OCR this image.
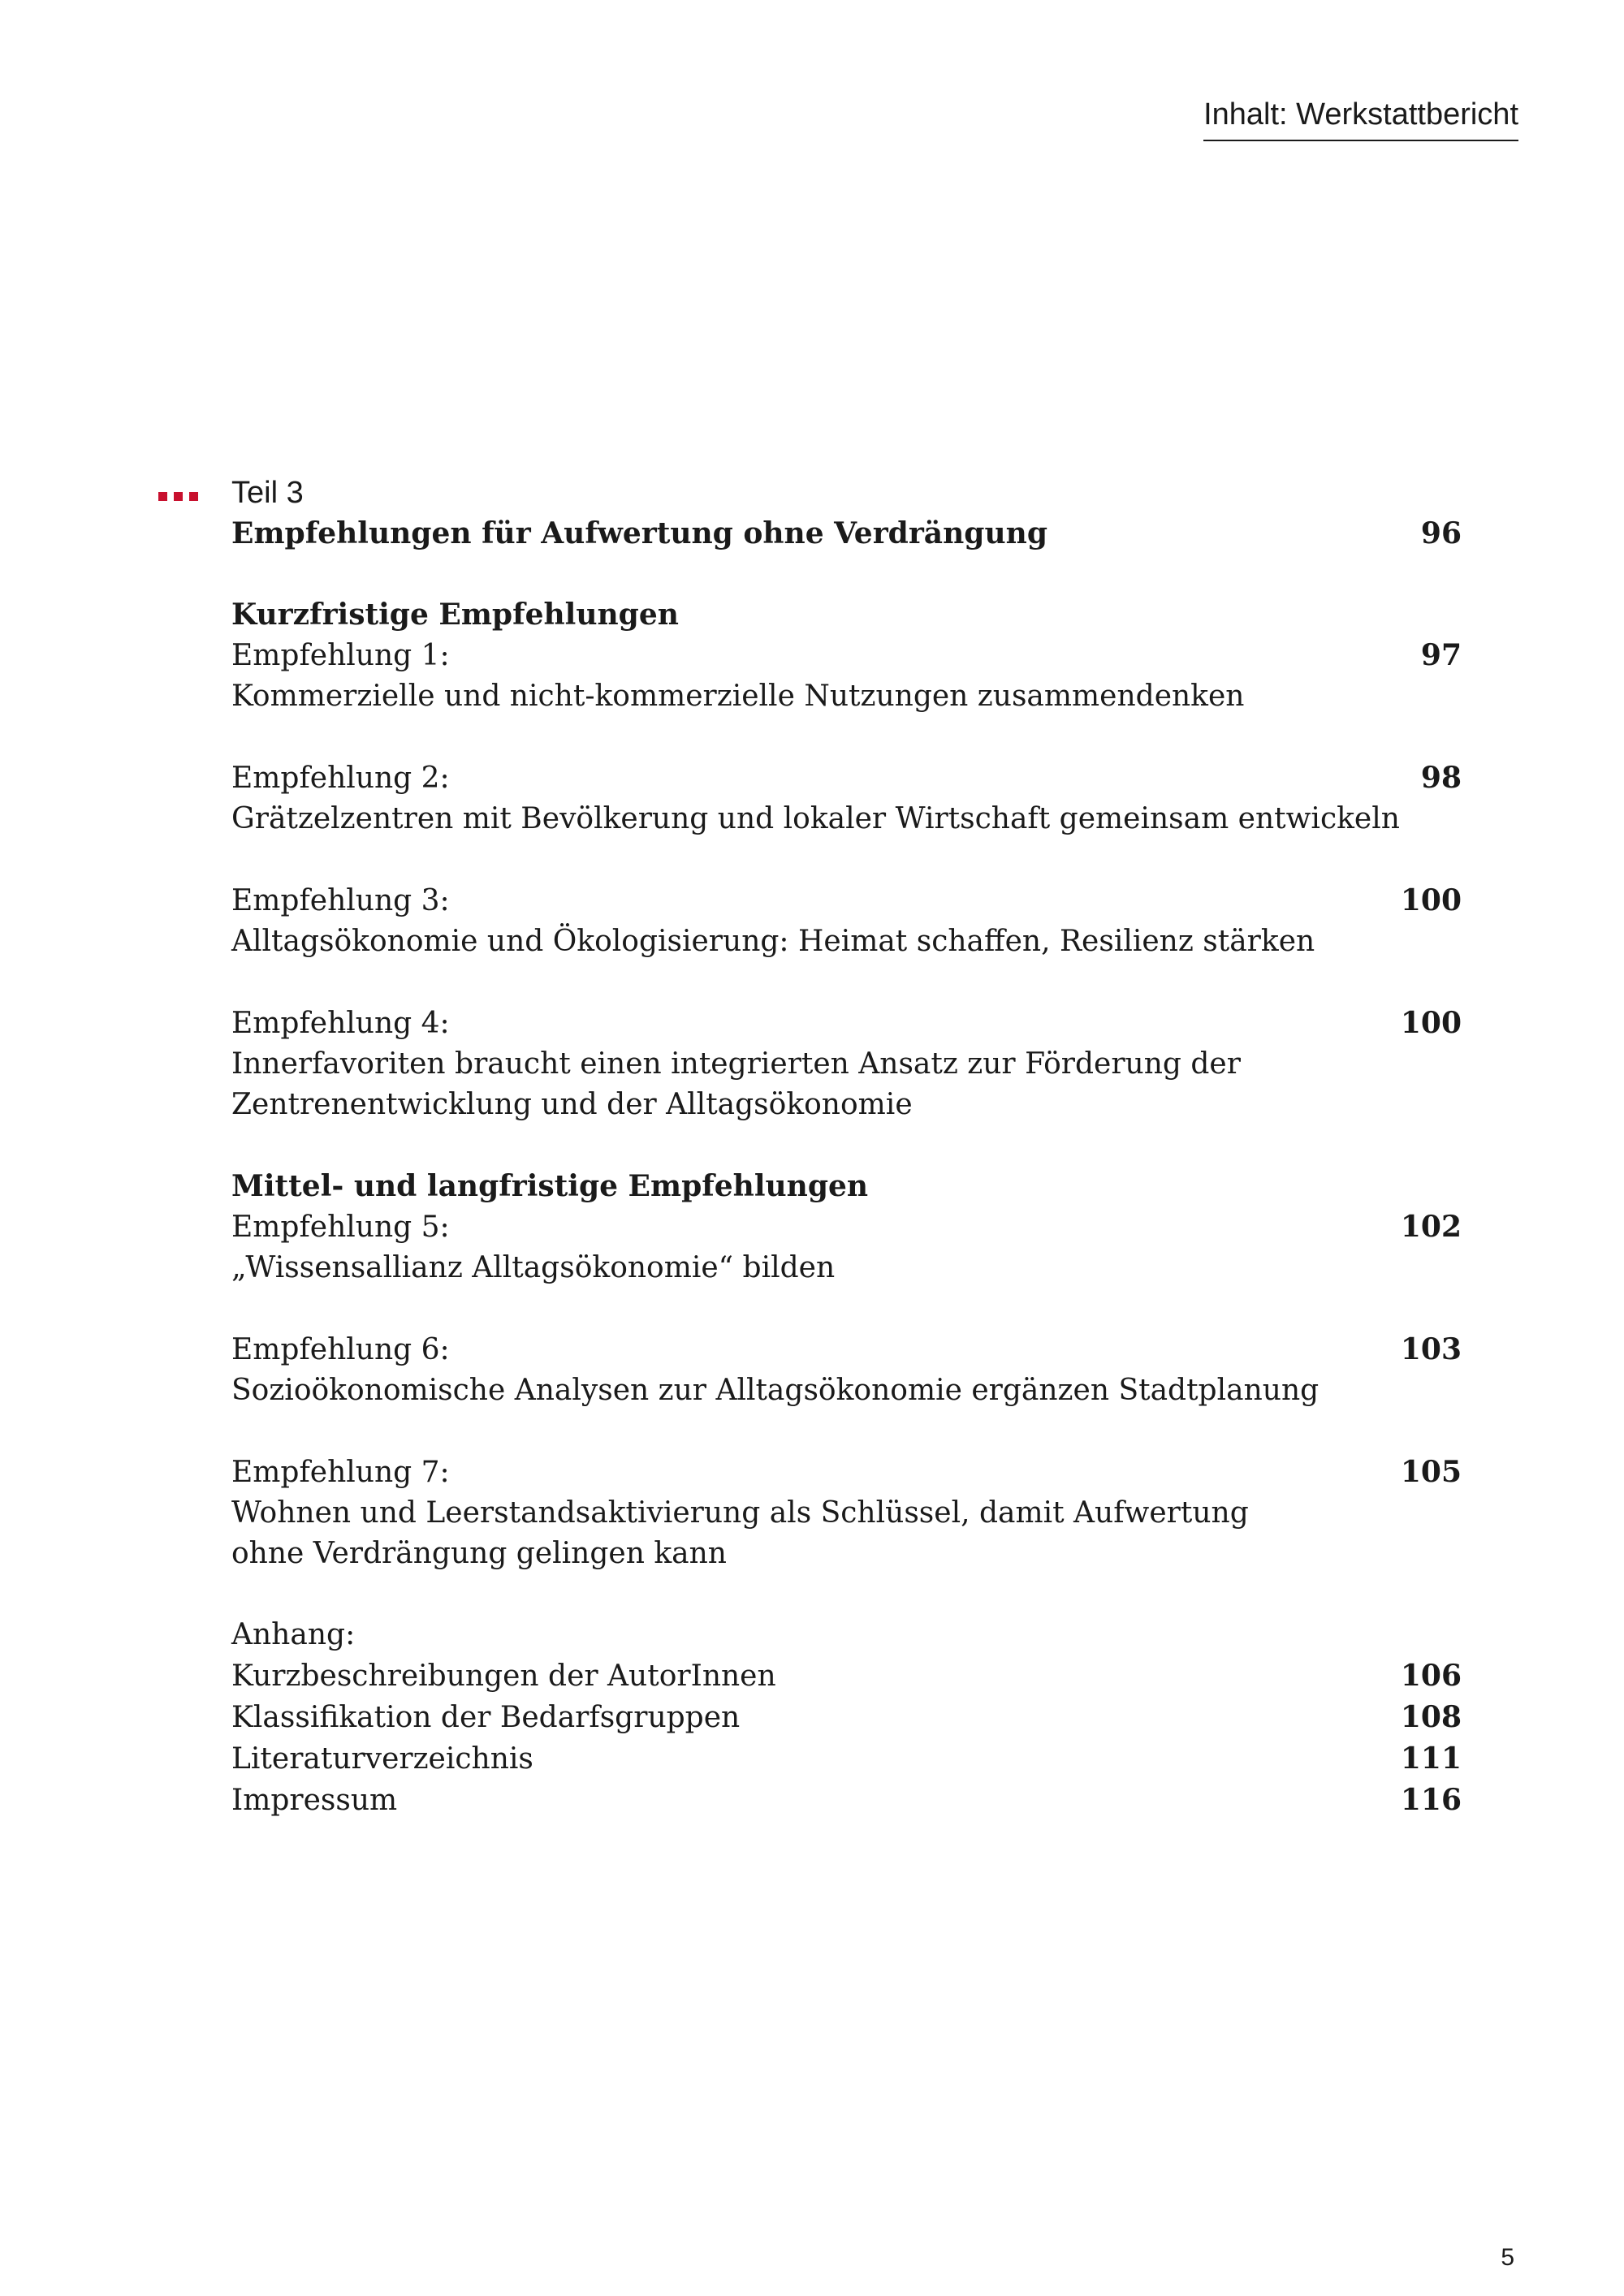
Inhalt: Werkstattbericht
Teil 3
Empfehlungen für Aufwertung ohne Verdrängung	96
Kurzfristige Empfehlungen
Empfehlung 1:	97
Kommerzielle und nicht-kommerzielle Nutzungen zusammendenken
Empfehlung 2:	98
Grätzelzentren mit Bevölkerung und lokaler Wirtschaft gemeinsam entwickeln
Empfehlung 3:	100
Alltagsökonomie und Ökologisierung: Heimat schaffen, Resilienz stärken
Empfehlung 4:	100
Innerfavoriten braucht einen integrierten Ansatz zur Förderung der
Zentrenentwicklung und der Alltagsökonomie
Mittel- und langfristige Empfehlungen
Empfehlung 5:	102
„Wissensallianz Alltagsökonomie“ bilden
Empfehlung 6:	103
Sozioökonomische Analysen zur Alltagsökonomie ergänzen Stadtplanung
Empfehlung 7:	105
Wohnen und Leerstandsaktivierung als Schlüssel, damit Aufwertung
ohne Verdrängung gelingen kann
Anhang:
Kurzbeschreibungen der AutorInnen	106
Klassifikation der Bedarfsgruppen	108
Literaturverzeichnis	111
Impressum	116
5
